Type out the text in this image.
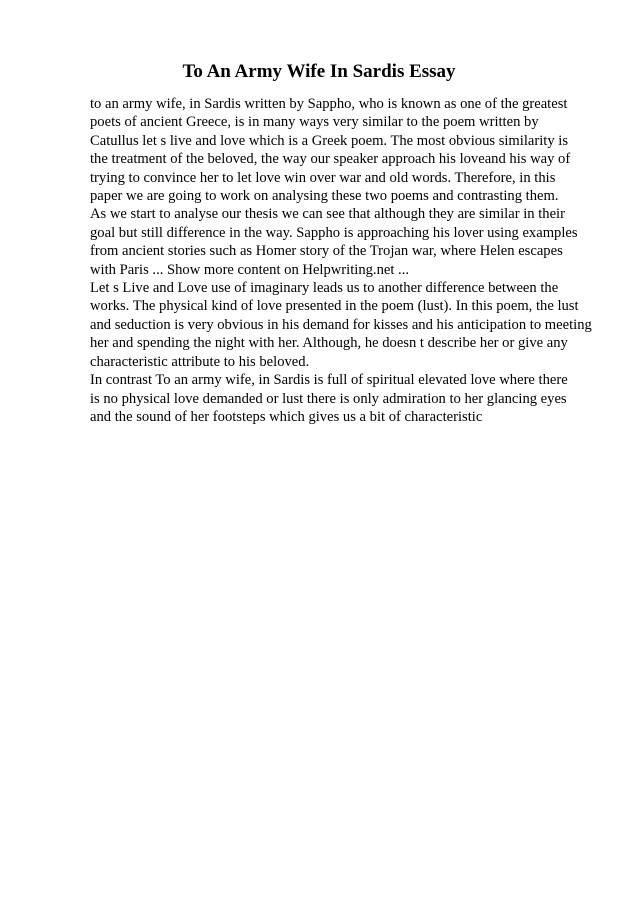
To An Army Wife In Sardis Essay
to an army wife, in Sardis written by Sappho, who is known as one of the greatest
poets of ancient Greece, is in many ways very similar to the poem written by
Catullus let s live and love which is a Greek poem. The most obvious similarity is
the treatment of the beloved, the way our speaker approach his loveand his way of
trying to convince her to let love win over war and old words. Therefore, in this
paper we are going to work on analysing these two poems and contrasting them.
As we start to analyse our thesis we can see that although they are similar in their
goal but still difference in the way. Sappho is approaching his lover using examples
from ancient stories such as Homer story of the Trojan war, where Helen escapes
with Paris ... Show more content on Helpwriting.net ...
Let s Live and Love use of imaginary leads us to another difference between the
works. The physical kind of love presented in the poem (lust). In this poem, the lust
and seduction is very obvious in his demand for kisses and his anticipation to meeting
her and spending the night with her. Although, he doesn t describe her or give any
characteristic attribute to his beloved.
In contrast To an army wife, in Sardis is full of spiritual elevated love where there
is no physical love demanded or lust there is only admiration to her glancing eyes
and the sound of her footsteps which gives us a bit of characteristic
